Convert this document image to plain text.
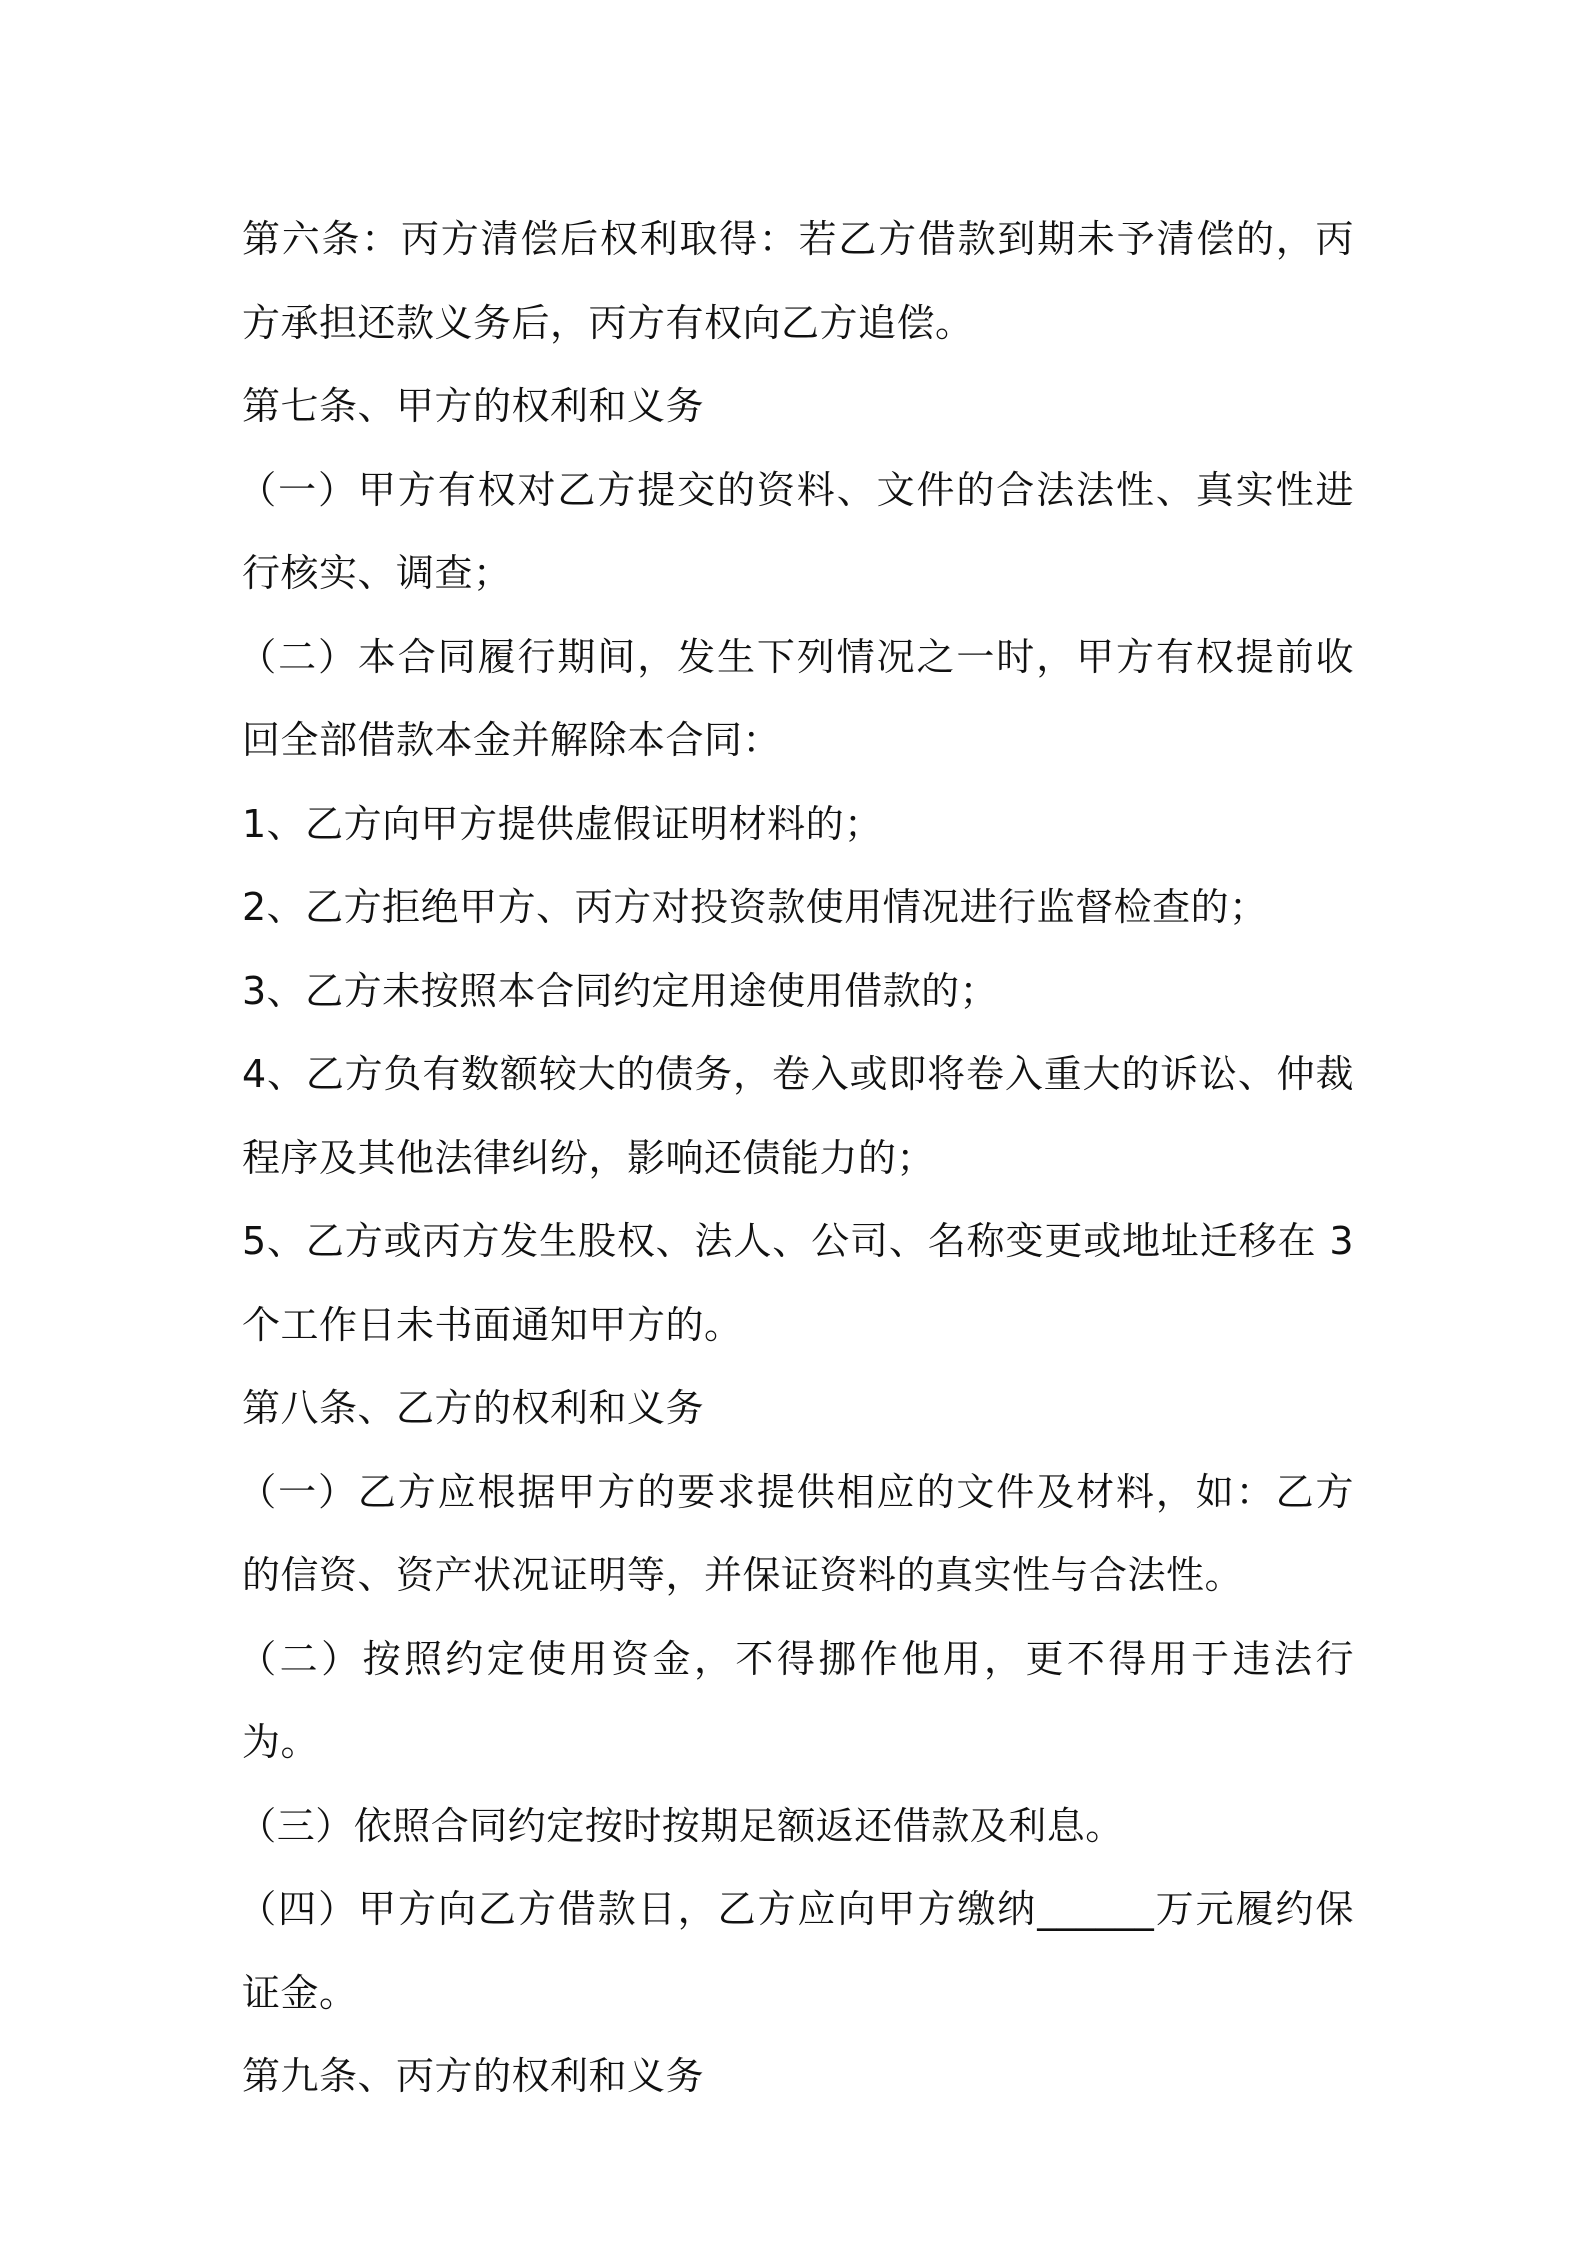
第六条：丙方清偿后权利取得：若乙方借款到期未予清偿的，丙方承担还款义务后，丙方有权向乙方追偿。

第七条、甲方的权利和义务

（一）甲方有权对乙方提交的资料、文件的合法法性、真实性进行核实、调查；

（二）本合同履行期间，发生下列情况之一时，甲方有权提前收回全部借款本金并解除本合同：

1、乙方向甲方提供虚假证明材料的；

2、乙方拒绝甲方、丙方对投资款使用情况进行监督检查的；

3、乙方未按照本合同约定用途使用借款的；

4、乙方负有数额较大的债务，卷入或即将卷入重大的诉讼、仲裁程序及其他法律纠纷，影响还债能力的；

5、乙方或丙方发生股权、法人、公司、名称变更或地址迁移在 3 个工作日未书面通知甲方的。

第八条、乙方的权利和义务

（一）乙方应根据甲方的要求提供相应的文件及材料，如：乙方的信资、资产状况证明等，并保证资料的真实性与合法性。

（二）按照约定使用资金，不得挪作他用，更不得用于违法行为。

（三）依照合同约定按时按期足额返还借款及利息。

（四）甲方向乙方借款日，乙方应向甲方缴纳______万元履约保证金。

第九条、丙方的权利和义务
